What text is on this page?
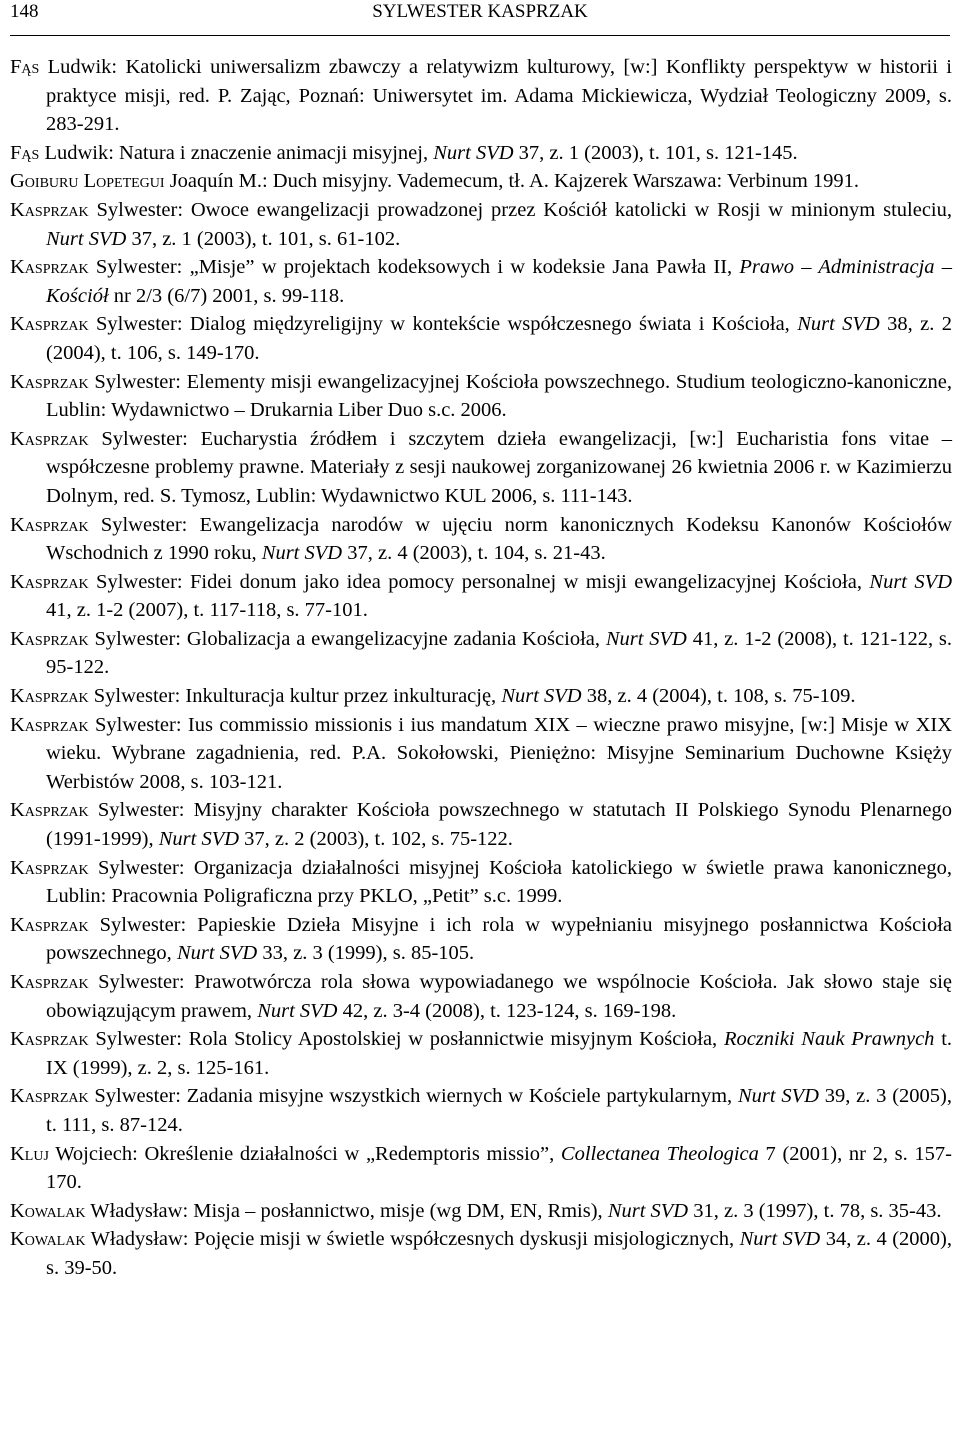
148	SYLWESTER KASPRZAK

Fąs Ludwik: Katolicki uniwersalizm zbawczy a relatywizm kulturowy, [w:] Konflikty perspektyw w historii i praktyce misji, red. P. Zając, Poznań: Uniwersytet im. Adama Mickiewicza, Wydział Teologiczny 2009, s. 283-291.

Fąs Ludwik: Natura i znaczenie animacji misyjnej, Nurt SVD 37, z. 1 (2003), t. 101, s. 121-145.

Goiburu Lopetegui Joaquín M.: Duch misyjny. Vademecum, tł. A. Kajzerek Warszawa: Verbinum 1991.

Kasprzak Sylwester: Owoce ewangelizacji prowadzonej przez Kościół katolicki w Rosji w minionym stuleciu, Nurt SVD 37, z. 1 (2003), t. 101, s. 61-102.

Kasprzak Sylwester: „Misje” w projektach kodeksowych i w kodeksie Jana Pawła II, Prawo – Administracja – Kościół nr 2/3 (6/7) 2001, s. 99-118.

Kasprzak Sylwester: Dialog międzyreligijny w kontekście współczesnego świata i Kościoła, Nurt SVD 38, z. 2 (2004), t. 106, s. 149-170.

Kasprzak Sylwester: Elementy misji ewangelizacyjnej Kościoła powszechnego. Studium teologiczno-kanoniczne, Lublin: Wydawnictwo – Drukarnia Liber Duo s.c. 2006.

Kasprzak Sylwester: Eucharystia źródłem i szczytem dzieła ewangelizacji, [w:] Eucharistia fons vitae – współczesne problemy prawne. Materiały z sesji naukowej zorganizowanej 26 kwietnia 2006 r. w Kazimierzu Dolnym, red. S. Tymosz, Lublin: Wydawnictwo KUL 2006, s. 111-143.

Kasprzak Sylwester: Ewangelizacja narodów w ujęciu norm kanonicznych Kodeksu Kanonów Kościołów Wschodnich z 1990 roku, Nurt SVD 37, z. 4 (2003), t. 104, s. 21-43.

Kasprzak Sylwester: Fidei donum jako idea pomocy personalnej w misji ewangelizacyjnej Kościoła, Nurt SVD 41, z. 1-2 (2007), t. 117-118, s. 77-101.

Kasprzak Sylwester: Globalizacja a ewangelizacyjne zadania Kościoła, Nurt SVD 41, z. 1-2 (2008), t. 121-122, s. 95-122.

Kasprzak Sylwester: Inkulturacja kultur przez inkulturację, Nurt SVD 38, z. 4 (2004), t. 108, s. 75-109.

Kasprzak Sylwester: Ius commissio missionis i ius mandatum XIX – wieczne prawo misyjne, [w:] Misje w XIX wieku. Wybrane zagadnienia, red. P.A. Sokołowski, Pieniężno: Misyjne Seminarium Duchowne Księży Werbistów 2008, s. 103-121.

Kasprzak Sylwester: Misyjny charakter Kościoła powszechnego w statutach II Polskiego Synodu Plenarnego (1991-1999), Nurt SVD 37, z. 2 (2003), t. 102, s. 75-122.

Kasprzak Sylwester: Organizacja działalności misyjnej Kościoła katolickiego w świetle prawa kanonicznego, Lublin: Pracownia Poligraficzna przy PKLO, „Petit” s.c. 1999.

Kasprzak Sylwester: Papieskie Dzieła Misyjne i ich rola w wypełnianiu misyjnego posłannictwa Kościoła powszechnego, Nurt SVD 33, z. 3 (1999), s. 85-105.

Kasprzak Sylwester: Prawotwórcza rola słowa wypowiadanego we wspólnocie Kościoła. Jak słowo staje się obowiązującym prawem, Nurt SVD 42, z. 3-4 (2008), t. 123-124, s. 169-198.

Kasprzak Sylwester: Rola Stolicy Apostolskiej w posłannictwie misyjnym Kościoła, Roczniki Nauk Prawnych t. IX (1999), z. 2, s. 125-161.

Kasprzak Sylwester: Zadania misyjne wszystkich wiernych w Kościele partykularnym, Nurt SVD 39, z. 3 (2005), t. 111, s. 87-124.

Kluj Wojciech: Określenie działalności w „Redemptoris missio”, Collectanea Theologica 7 (2001), nr 2, s. 157-170.

Kowalak Władysław: Misja – posłannictwo, misje (wg DM, EN, Rmis), Nurt SVD 31, z. 3 (1997), t. 78, s. 35-43.

Kowalak Władysław: Pojęcie misji w świetle współczesnych dyskusji misjologicznych, Nurt SVD 34, z. 4 (2000), s. 39-50.
